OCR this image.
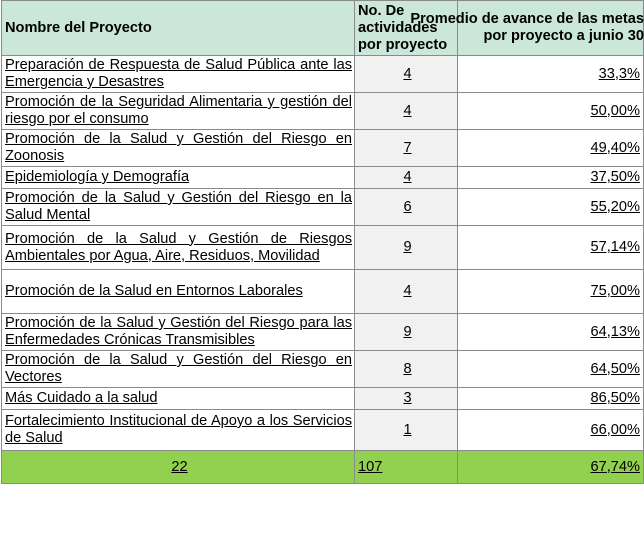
Nombre del Proyecto	No. De actividades por proyecto	Promedio de avance de las metas por proyecto a junio 30

Preparación de Respuesta de Salud Pública ante las Emergencia y Desastres	4	33,3%
Promoción de la Seguridad Alimentaria y gestión del riesgo por el consumo	4	50,00%
Promoción de la Salud y Gestión del Riesgo en Zoonosis	7	49,40%
Epidemiología y Demografía	4	37,50%
Promoción de la Salud y Gestión del Riesgo en la Salud Mental	6	55,20%
Promoción de la Salud y Gestión de Riesgos Ambientales por Agua, Aire, Residuos, Movilidad	9	57,14%
Promoción de la Salud en Entornos Laborales	4	75,00%
Promoción de la Salud y Gestión del Riesgo para las Enfermedades Crónicas Transmisibles	9	64,13%
Promoción de la Salud y Gestión del Riesgo en Vectores	8	64,50%
Más Cuidado a la salud	3	86,50%
Fortalecimiento Institucional de Apoyo a los Servicios de Salud	1	66,00%
22	107	67,74%
